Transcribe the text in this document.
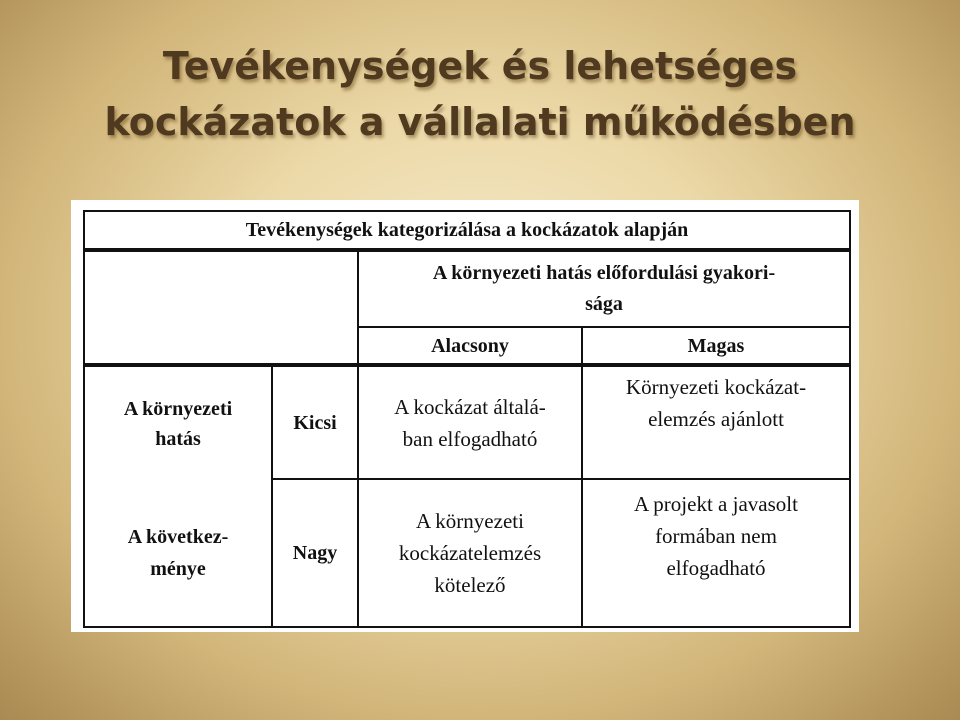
Tevékenységek és lehetséges
kockázatok a vállalati működésben
Tevékenységek kategorizálása a kockázatok alapján
A környezeti hatás előfordulási gyakori-
sága
Alacsony	Magas
A környezeti
hatás
A következ-
ménye
Kicsi
Nagy
A kockázat általá-
ban elfogadható
Környezeti kockázat-
elemzés ajánlott
A környezeti
kockázatelemzés
kötelező
A projekt a javasolt
formában nem
elfogadható
